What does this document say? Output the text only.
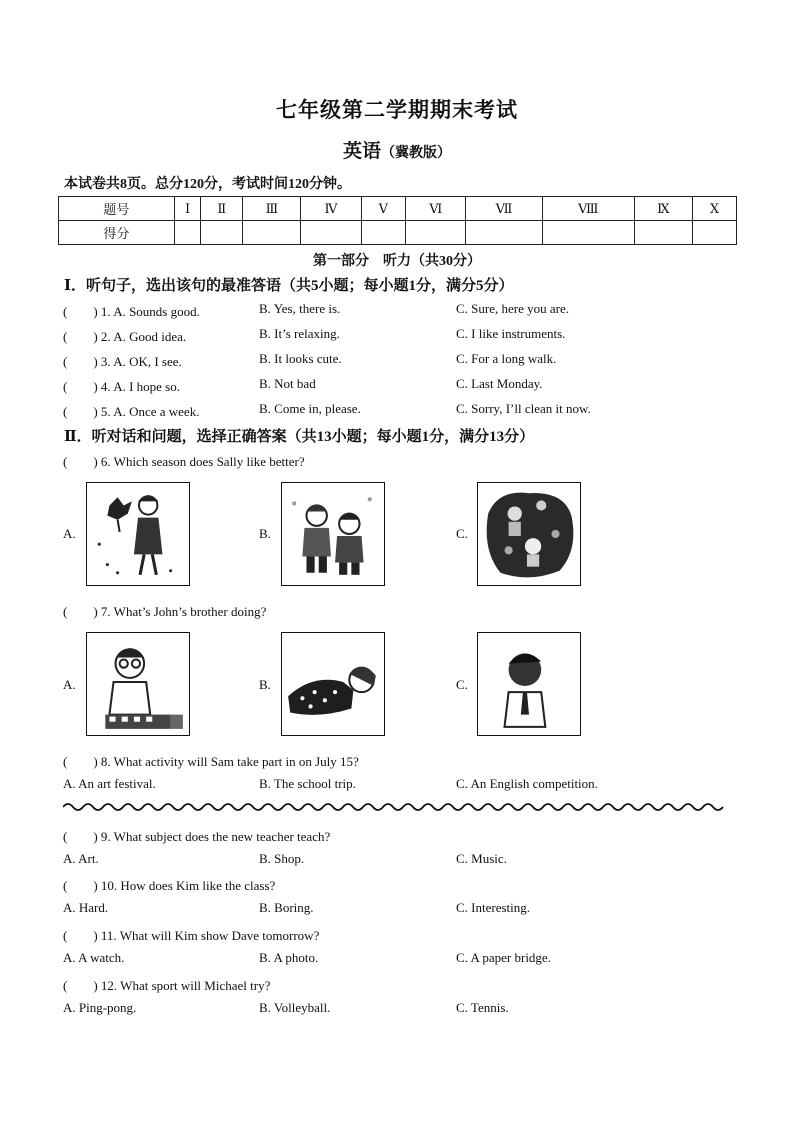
七年级第二学期期末考试
英语（冀教版）
本试卷共8页。总分120分，考试时间120分钟。
题号	Ⅰ	Ⅱ	Ⅲ	Ⅳ	Ⅴ	Ⅵ	Ⅶ	Ⅷ	Ⅸ	Ⅹ
得分										
第一部分　听力（共30分）
Ⅰ．听句子，选出该句的最准答语（共5小题；每小题1分，满分5分）
(　　) 1. A. Sounds good.	B. Yes, there is.	C. Sure, here you are.
(　　) 2. A. Good idea.	B. It’s relaxing.	C. I like instruments.
(　　) 3. A. OK, I see.	B. It looks cute.	C. For a long walk.
(　　) 4. A. I hope so.	B. Not bad	C. Last Monday.
(　　) 5. A. Once a week.	B. Come in, please.	C. Sorry, I’ll clean it now.
Ⅱ．听对话和问题，选择正确答案（共13小题；每小题1分，满分13分）
(　　) 6. Which season does Sally like better?
A.	B.	C.
(　　) 7. What’s John’s brother doing?
A.	B.	C.
(　　) 8. What activity will Sam take part in on July 15?
A. An art festival.	B. The school trip.	C. An English competition.
(　　) 9. What subject does the new teacher teach?
A. Art.	B. Shop.	C. Music.
(　　) 10. How does Kim like the class?
A. Hard.	B. Boring.	C. Interesting.
(　　) 11. What will Kim show Dave tomorrow?
A. A watch.	B. A photo.	C. A paper bridge.
(　　) 12. What sport will Michael try?
A. Ping-pong.	B. Volleyball.	C. Tennis.
